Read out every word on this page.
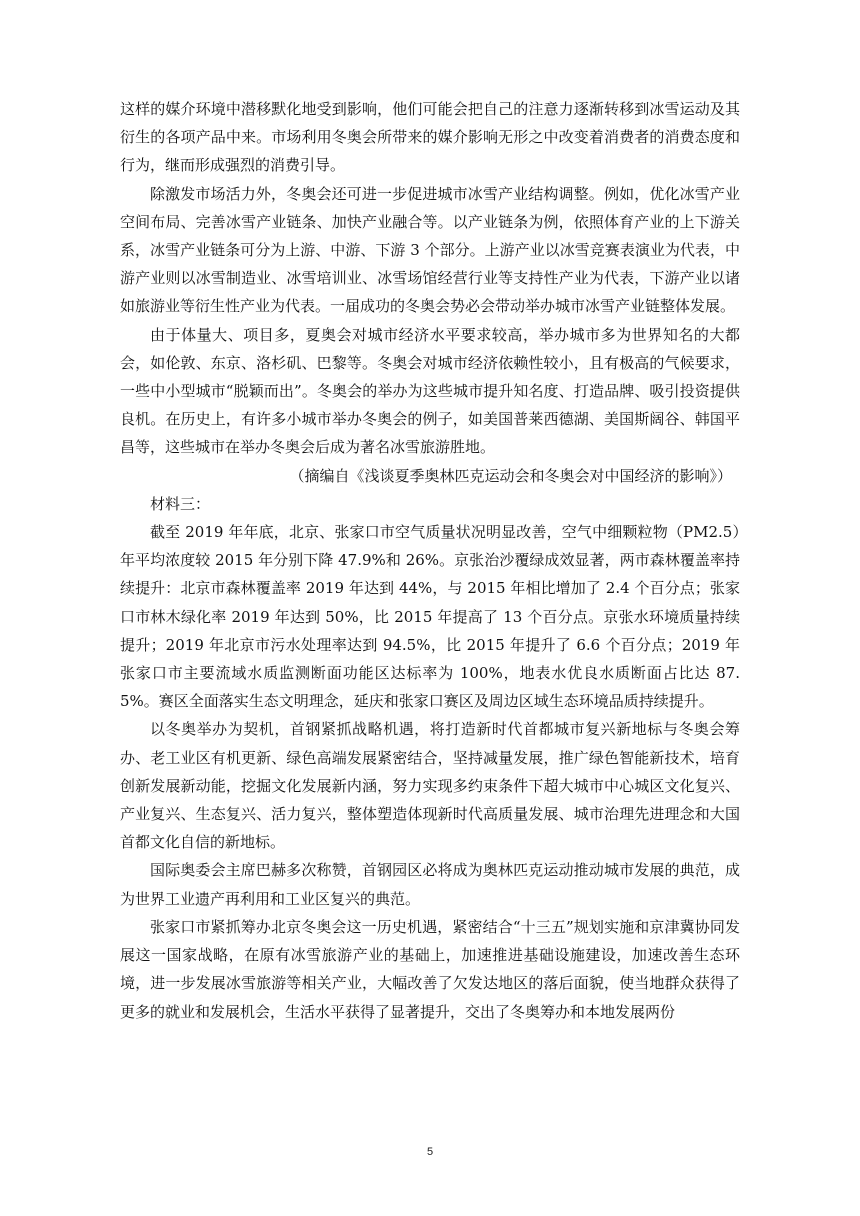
这样的媒介环境中潜移默化地受到影响，他们可能会把自己的注意力逐渐转移到冰雪运动及其衍生的各项产品中来。市场利用冬奥会所带来的媒介影响无形之中改变着消费者的消费态度和行为，继而形成强烈的消费引导。

除激发市场活力外，冬奥会还可进一步促进城市冰雪产业结构调整。例如，优化冰雪产业空间布局、完善冰雪产业链条、加快产业融合等。以产业链条为例，依照体育产业的上下游关系，冰雪产业链条可分为上游、中游、下游 3 个部分。上游产业以冰雪竞赛表演业为代表，中游产业则以冰雪制造业、冰雪培训业、冰雪场馆经营行业等支持性产业为代表，下游产业以诸如旅游业等衍生性产业为代表。一届成功的冬奥会势必会带动举办城市冰雪产业链整体发展。

由于体量大、项目多，夏奥会对城市经济水平要求较高，举办城市多为世界知名的大都会，如伦敦、东京、洛杉矶、巴黎等。冬奥会对城市经济依赖性较小，且有极高的气候要求，一些中小型城市“脱颖而出”。冬奥会的举办为这些城市提升知名度、打造品牌、吸引投资提供良机。在历史上，有许多小城市举办冬奥会的例子，如美国普莱西德湖、美国斯阔谷、韩国平昌等，这些城市在举办冬奥会后成为著名冰雪旅游胜地。

（摘编自《浅谈夏季奥林匹克运动会和冬奥会对中国经济的影响》）

材料三：

截至 2019 年年底，北京、张家口市空气质量状况明显改善，空气中细颗粒物（PM2.5）年平均浓度较 2015 年分别下降 47.9%和 26%。京张治沙覆绿成效显著，两市森林覆盖率持续提升：北京市森林覆盖率 2019 年达到 44%，与 2015 年相比增加了 2.4 个百分点；张家口市林木绿化率 2019 年达到 50%，比 2015 年提高了 13 个百分点。京张水环境质量持续提升；2019 年北京市污水处理率达到 94.5%，比 2015 年提升了 6.6 个百分点；2019 年张家口市主要流域水质监测断面功能区达标率为 100%，地表水优良水质断面占比达 87.5%。赛区全面落实生态文明理念，延庆和张家口赛区及周边区域生态环境品质持续提升。

以冬奥举办为契机，首钢紧抓战略机遇，将打造新时代首都城市复兴新地标与冬奥会筹办、老工业区有机更新、绿色高端发展紧密结合，坚持减量发展，推广绿色智能新技术，培育创新发展新动能，挖掘文化发展新内涵，努力实现多约束条件下超大城市中心城区文化复兴、产业复兴、生态复兴、活力复兴，整体塑造体现新时代高质量发展、城市治理先进理念和大国首都文化自信的新地标。

国际奥委会主席巴赫多次称赞，首钢园区必将成为奥林匹克运动推动城市发展的典范，成为世界工业遗产再利用和工业区复兴的典范。

张家口市紧抓筹办北京冬奥会这一历史机遇，紧密结合“十三五”规划实施和京津冀协同发展这一国家战略，在原有冰雪旅游产业的基础上，加速推进基础设施建设，加速改善生态环境，进一步发展冰雪旅游等相关产业，大幅改善了欠发达地区的落后面貌，使当地群众获得了更多的就业和发展机会，生活水平获得了显著提升，交出了冬奥筹办和本地发展两份

5
